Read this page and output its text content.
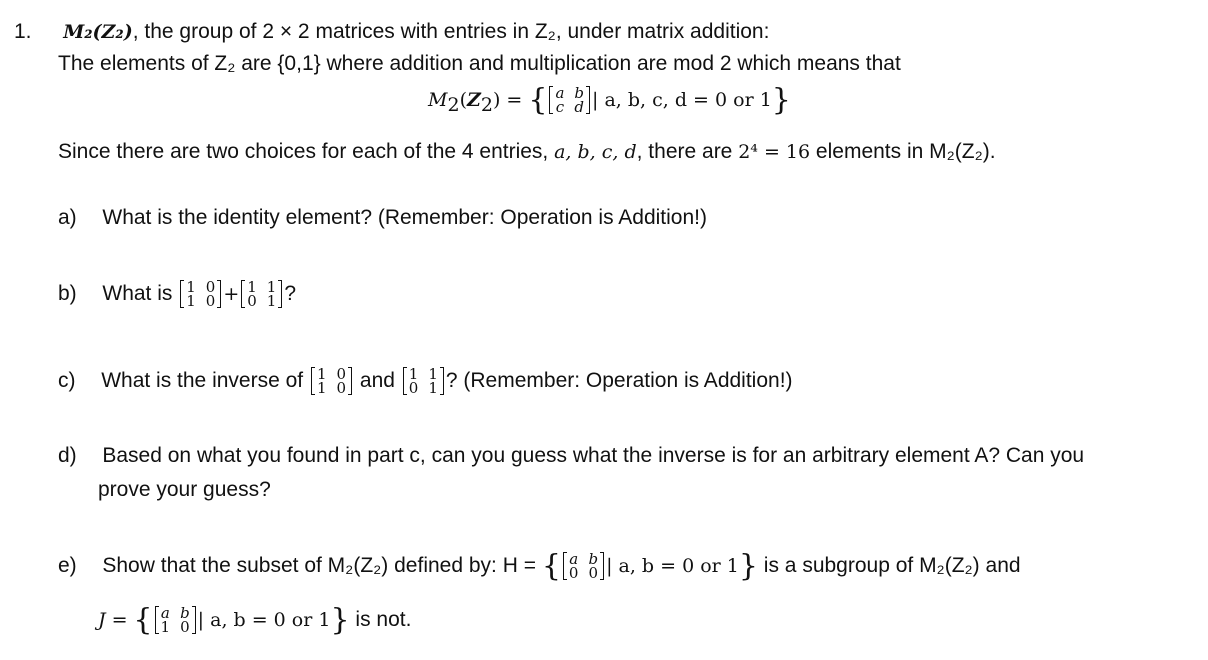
1. M₂(Z₂), the group of 2 × 2 matrices with entries in Z₂, under matrix addition:
The elements of Z₂ are {0,1} where addition and multiplication are mod 2 which means that
$M_2(Z_2)$ = { a	b
c	d | a, b, c, d = 0 or 1}
Since there are two choices for each of the 4 entries, a, b, c, d, there are 2⁴ = 16 elements in M₂(Z₂).
a) What is the identity element? (Remember: Operation is Addition!)
b) What is 1	0
1	0 + 1	1
0	1 ?
c) What is the inverse of 1	0
1	0 and 1	1
0	1 ? (Remember: Operation is Addition!)
d) Based on what you found in part c, can you guess what the inverse is for an arbitrary element A? Can you
prove your guess?
e) Show that the subset of M₂(Z₂) defined by: H = { a	b
0	0 | a, b = 0 or 1} is a subgroup of M₂(Z₂) and
J = { a	b
1	0 | a, b = 0 or 1} is not.
